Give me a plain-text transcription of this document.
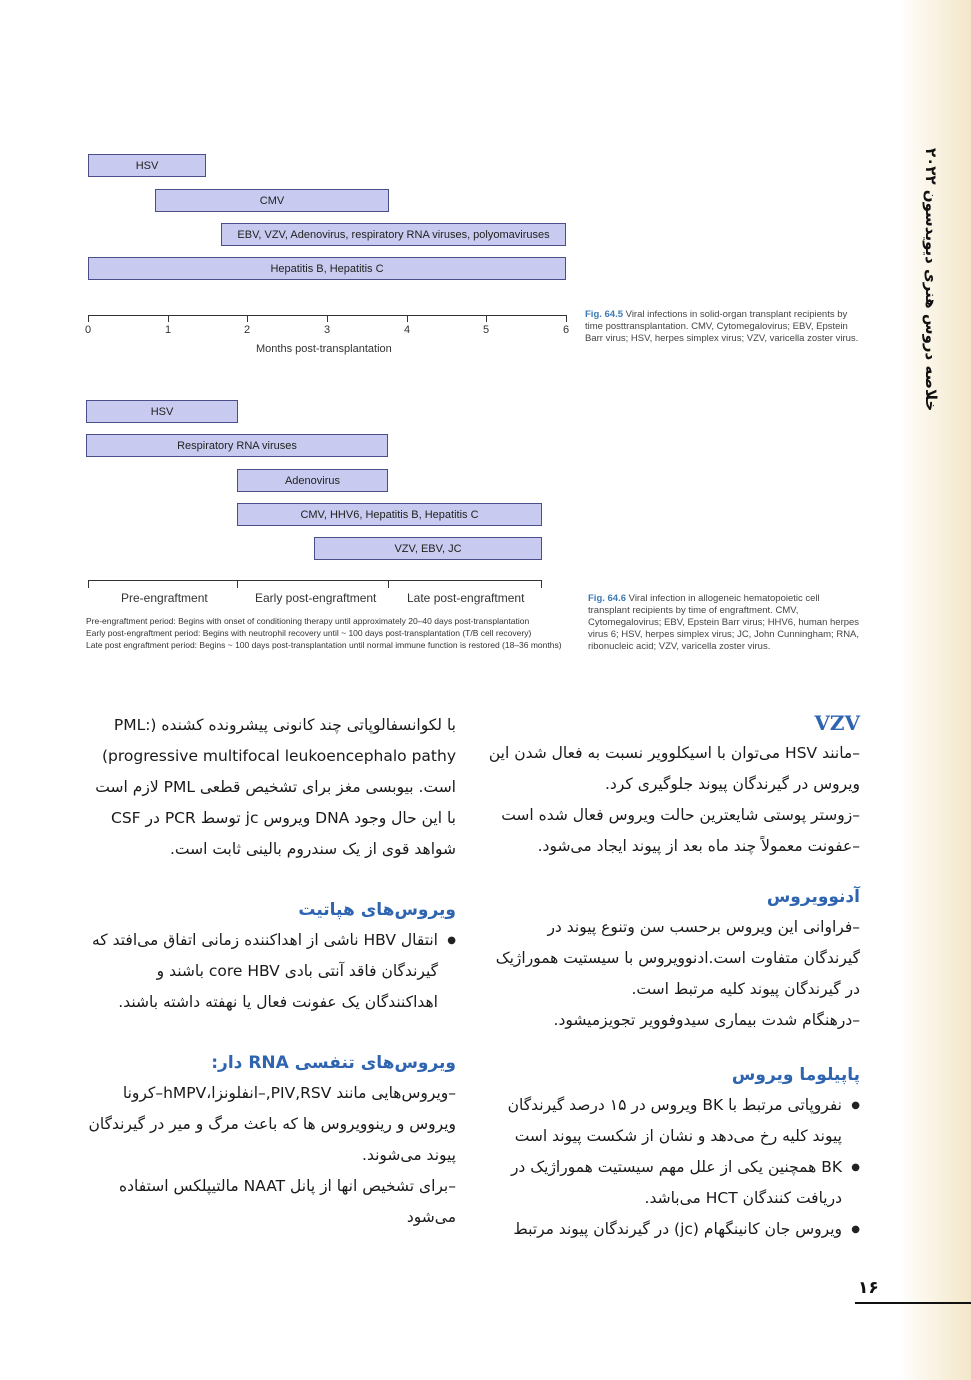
خلاصه دروس هنری دیویدسون ۲۰۲۲
HSV
CMV
EBV, VZV, Adenovirus, respiratory RNA viruses, polyomaviruses
Hepatitis B, Hepatitis C
0	1	2	3	4	5	6
Months post-transplantation
Fig. 64.5 Viral infections in solid-organ transplant recipients by time posttransplantation. CMV, Cytomegalovirus; EBV, Epstein Barr virus; HSV, herpes simplex virus; VZV, varicella zoster virus.
HSV
Respiratory RNA viruses
Adenovirus
CMV, HHV6, Hepatitis B, Hepatitis C
VZV, EBV, JC
Pre-engraftment	Early post-engraftment	Late post-engraftment
Pre-engraftment period: Begins with onset of conditioning therapy until approximately 20–40 days post-transplantation
Early post-engraftment period: Begins with neutrophil recovery until ~ 100 days post-transplantation (T/B cell recovery)
Late post engraftment period: Begins ~ 100 days post-transplantation until normal immune function is restored (18–36 months)
Fig. 64.6 Viral infection in allogeneic hematopoietic cell transplant recipients by time of engraftment. CMV, Cytomegalovirus; EBV, Epstein Barr virus; HHV6, human herpes virus 6; HSV, herpes simplex virus; JC, John Cunningham; RNA, ribonucleic acid; VZV, varicella zoster virus.
VZV

–مانند HSV می‌توان با اسیکلوویر نسبت به فعال شدن این ویروس در گیرندگان پیوند جلوگیری کرد.

–زوستر پوستی شایعترین حالت ویروس فعال شده است

–عفونت معمولاً چند ماه بعد از پیوند ایجاد می‌شود.

آدنوویروس

–فراوانی این ویروس برحسب سن وتنوع پیوند در گیرندگان متفاوت است.ادنوویروس با سیستیت هموراژیک در گیرندگان پیوند کلیه مرتبط است.

–درهنگام شدت بیماری سیدوفوویر تجویزمیشود.

پاپیلوما ویروس
● نفروپاتی مرتبط با BK ویروس در ۱۵ درصد گیرندگان پیوند کلیه رخ می‌دهد و نشان از شکست پیوند است
● BK همچنین یکی از علل مهم سیستیت هموراژیک در دریافت کنندگان HCT می‌باشد.
● ویروس جان کانینگهام (jc) در گیرندگان پیوند مرتبط

با لکوانسفالوپاتی چند کانونی پیشرونده کشنده (PML: progressive multifocal leukoencephalo pathy) است. بیوبسی مغز برای تشخیص قطعی PML لازم است با این حال وجود DNA ویروس jc توسط PCR در CSF شواهد قوی از یک سندروم بالینی ثابت است.

ویروس‌های هپاتیت
● انتقال HBV ناشی از اهداکننده زمانی اتفاق می‌افتد که گیرندگان فاقد آنتی بادی core HBV باشند و اهداکنندگان یک عفونت فعال یا نهفته داشته باشند.
ویروس‌های تنفسی RNA دار:

–ویروس‌هایی مانند PIV,RSV,–انفلونزا،hMPV–کرونا ویروس و رینوویروس ها که باعث مرگ و میر در گیرندگان پیوند می‌شوند.

–برای تشخیص انها از پانل NAAT مالتیپلکس استفاده می‌شود

۱۶
